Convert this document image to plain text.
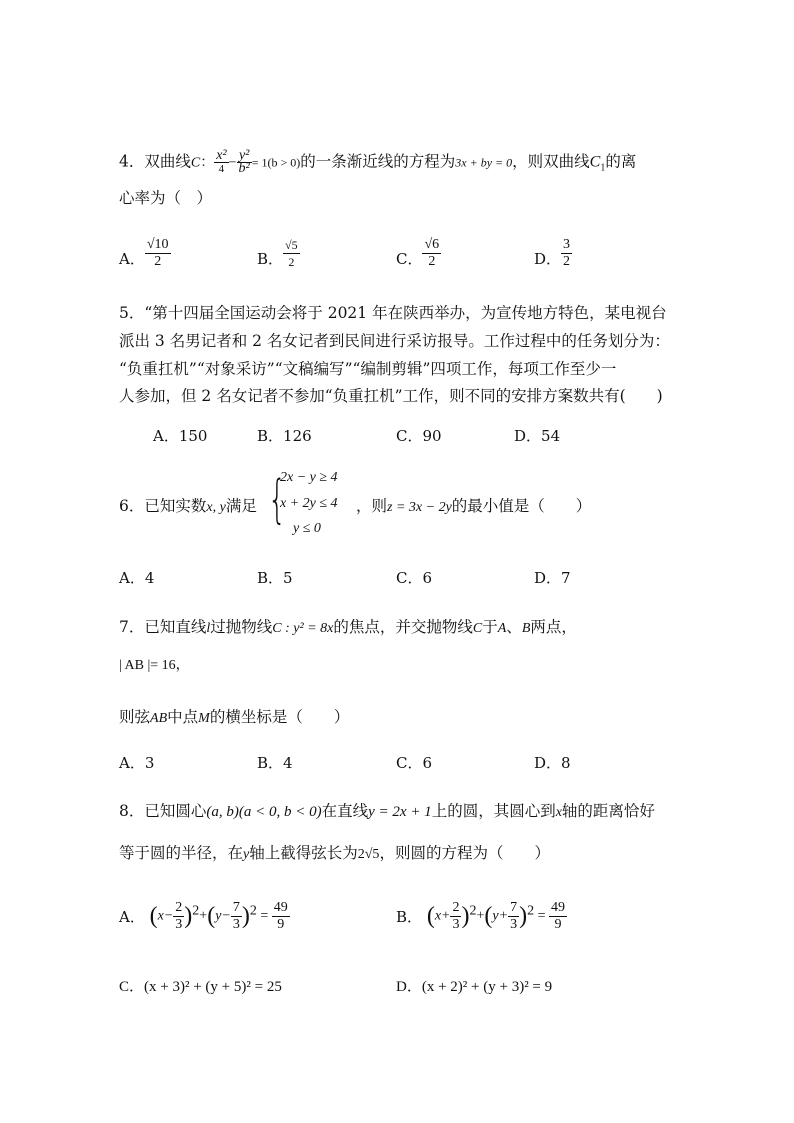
4．双曲线C： $\frac{\text{x²}}{4} - \frac{\text{y²}}{\text{b²}} = 1(b > 0)$的一条渐近线的方程为3x + by = 0，则双曲线$C_1$的离
心率为（　）
A． $\frac{√10}{2}$	B． $\frac{√5}{2}$	C． $\frac{√6}{2}$	D． $\frac{3}{2}$
5．“第十四届全国运动会将于 2021 年在陕西举办，为宣传地方特色，某电视台
派出 3 名男记者和 2 名女记者到民间进行采访报导。工作过程中的任务划分为：
“负重扛机”“对象采访”“文稿编写”“编制剪辑”四项工作，每项工作至少一
人参加，但 2 名女记者不参加“负重扛机”工作，则不同的安排方案数共有(　　)
A．150	B．126	C．90	D．54
6．已知实数x, y满足 {
2x − y ≥ 4
x + 2y ≤ 4
y ≤ 0
，则z = 3x − 2y的最小值是（　　）
A．4	B．5	C．6	D．7
7．已知直线l过抛物线C : y² = 8x的焦点，并交抛物线C于A、B两点，
| AB |= 16，
则弦AB中点M的横坐标是（　　）
A．3	B．4	C．6	D．8
8．已知圆心(a, b)(a < 0, b < 0)在直线y = 2x + 1上的圆，其圆心到x轴的距离恰好
等于圆的半径，在y轴上截得弦长为2√5，则圆的方程为（　　）
A． $(x- \frac{2}{3} )^2+(y- \frac{7}{3} )^2 = \frac{49}{9}$	B． $(x+ \frac{2}{3} )^2+(y+ \frac{7}{3} )^2 = \frac{49}{9}$
C．(x + 3)² + (y + 5)² = 25	D．(x + 2)² + (y + 3)² = 9
